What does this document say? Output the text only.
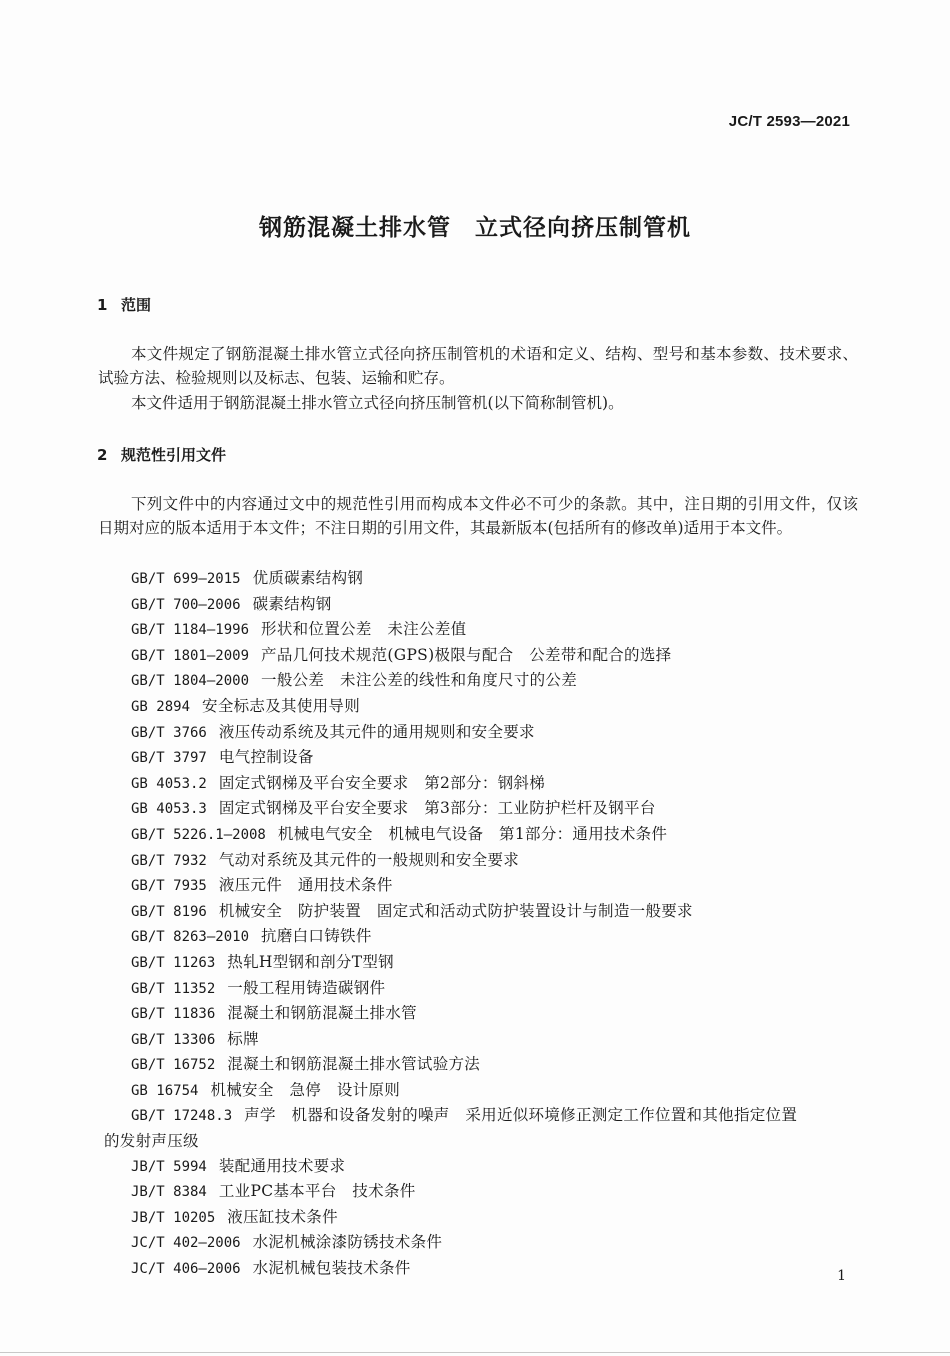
JC/T 2593—2021
钢筋混凝土排水管　立式径向挤压制管机
1 范围
本文件规定了钢筋混凝土排水管立式径向挤压制管机的术语和定义、结构、型号和基本参数、技术要求、试验方法、检验规则以及标志、包装、运输和贮存。
本文件适用于钢筋混凝土排水管立式径向挤压制管机(以下简称制管机)。
2 规范性引用文件
下列文件中的内容通过文中的规范性引用而构成本文件必不可少的条款。其中，注日期的引用文件，仅该日期对应的版本适用于本文件；不注日期的引用文件，其最新版本(包括所有的修改单)适用于本文件。
GB/T 699—2015 优质碳素结构钢
GB/T 700—2006 碳素结构钢
GB/T 1184—1996 形状和位置公差　未注公差值
GB/T 1801—2009 产品几何技术规范(GPS)极限与配合　公差带和配合的选择
GB/T 1804—2000 一般公差　未注公差的线性和角度尺寸的公差
GB 2894 安全标志及其使用导则
GB/T 3766 液压传动系统及其元件的通用规则和安全要求
GB/T 3797 电气控制设备
GB 4053.2 固定式钢梯及平台安全要求　第2部分：钢斜梯
GB 4053.3 固定式钢梯及平台安全要求　第3部分：工业防护栏杆及钢平台
GB/T 5226.1—2008 机械电气安全　机械电气设备　第1部分：通用技术条件
GB/T 7932 气动对系统及其元件的一般规则和安全要求
GB/T 7935 液压元件　通用技术条件
GB/T 8196 机械安全　防护装置　固定式和活动式防护装置设计与制造一般要求
GB/T 8263—2010 抗磨白口铸铁件
GB/T 11263 热轧H型钢和剖分T型钢
GB/T 11352 一般工程用铸造碳钢件
GB/T 11836 混凝土和钢筋混凝土排水管
GB/T 13306 标牌
GB/T 16752 混凝土和钢筋混凝土排水管试验方法
GB 16754 机械安全　急停　设计原则
GB/T 17248.3 声学　机器和设备发射的噪声　采用近似环境修正测定工作位置和其他指定位置
的发射声压级
JB/T 5994 装配通用技术要求
JB/T 8384 工业PC基本平台　技术条件
JB/T 10205 液压缸技术条件
JC/T 402—2006 水泥机械涂漆防锈技术条件
JC/T 406—2006 水泥机械包装技术条件	1
